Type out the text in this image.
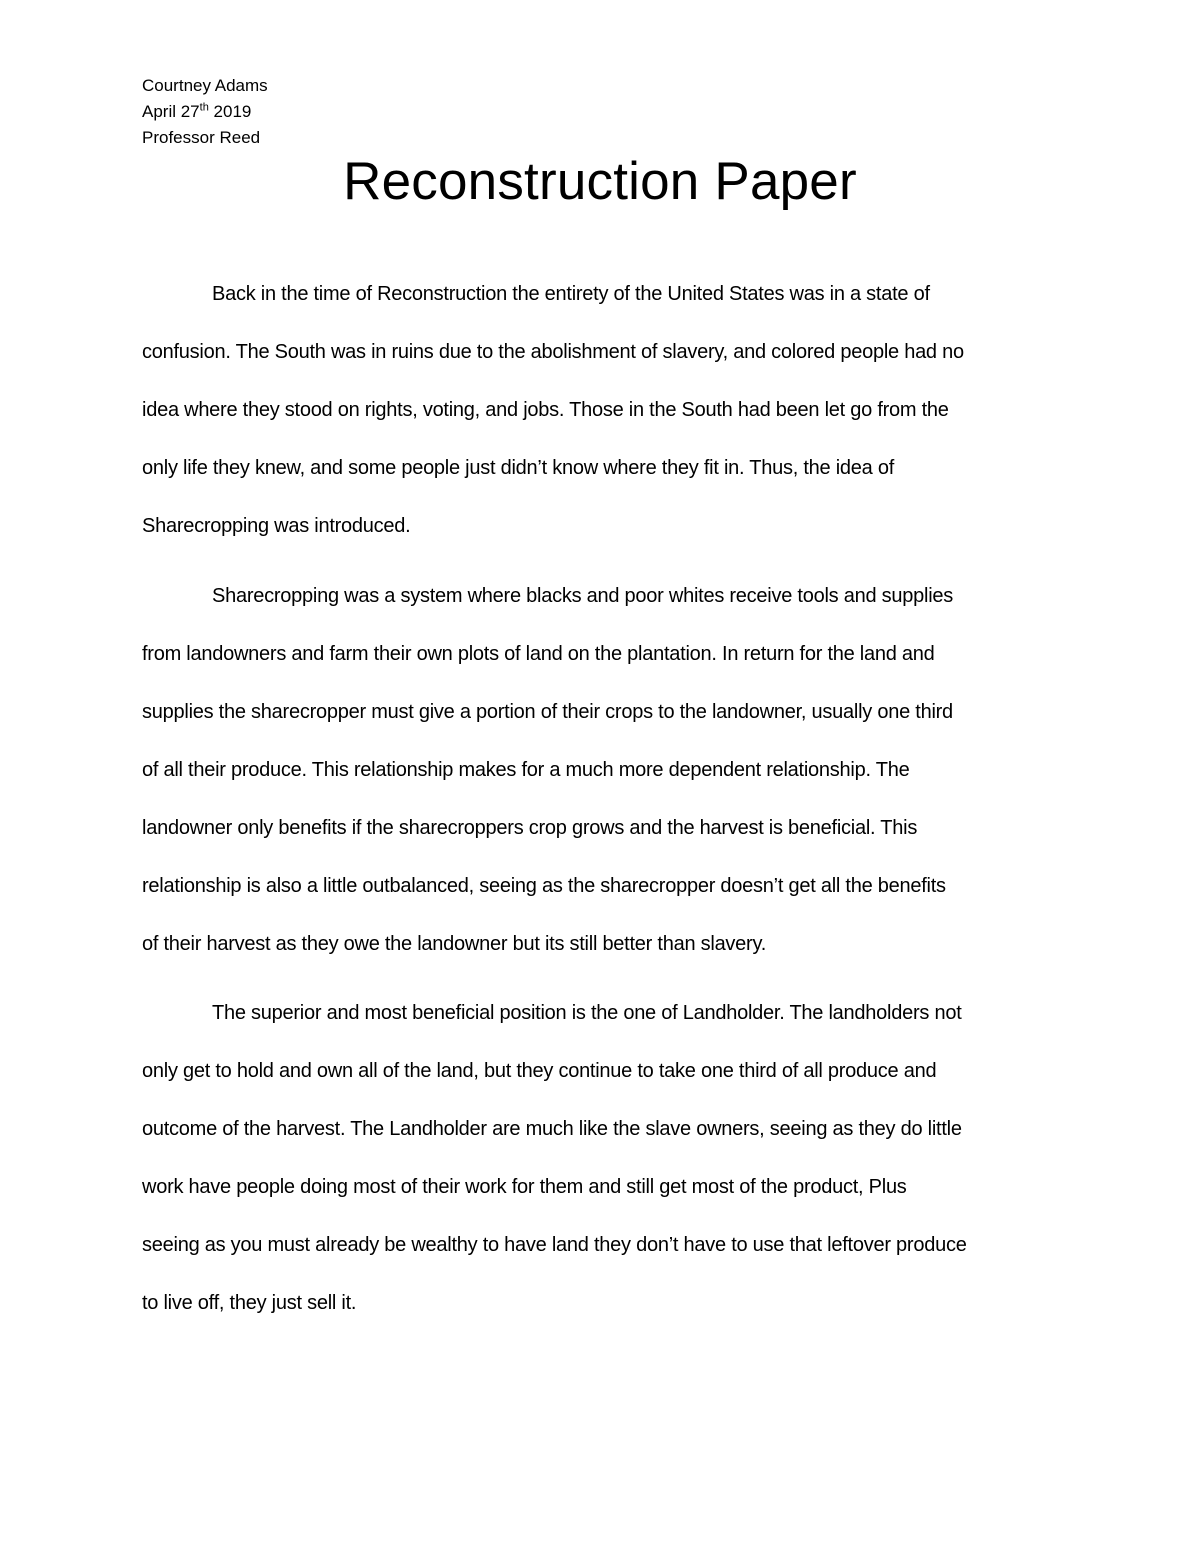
Courtney Adams
April 27th 2019
Professor Reed
Reconstruction Paper
Back in the time of Reconstruction the entirety of the United States was in a state of
confusion. The South was in ruins due to the abolishment of slavery, and colored people had no
idea where they stood on rights, voting, and jobs. Those in the South had been let go from the
only life they knew, and some people just didn’t know where they fit in. Thus, the idea of
Sharecropping was introduced.
Sharecropping was a system where blacks and poor whites receive tools and supplies
from landowners and farm their own plots of land on the plantation. In return for the land and
supplies the sharecropper must give a portion of their crops to the landowner, usually one third
of all their produce. This relationship makes for a much more dependent relationship. The
landowner only benefits if the sharecroppers crop grows and the harvest is beneficial. This
relationship is also a little outbalanced, seeing as the sharecropper doesn’t get all the benefits
of their harvest as they owe the landowner but its still better than slavery.
The superior and most beneficial position is the one of Landholder. The landholders not
only get to hold and own all of the land, but they continue to take one third of all produce and
outcome of the harvest. The Landholder are much like the slave owners, seeing as they do little
work have people doing most of their work for them and still get most of the product, Plus
seeing as you must already be wealthy to have land they don’t have to use that leftover produce
to live off, they just sell it.
